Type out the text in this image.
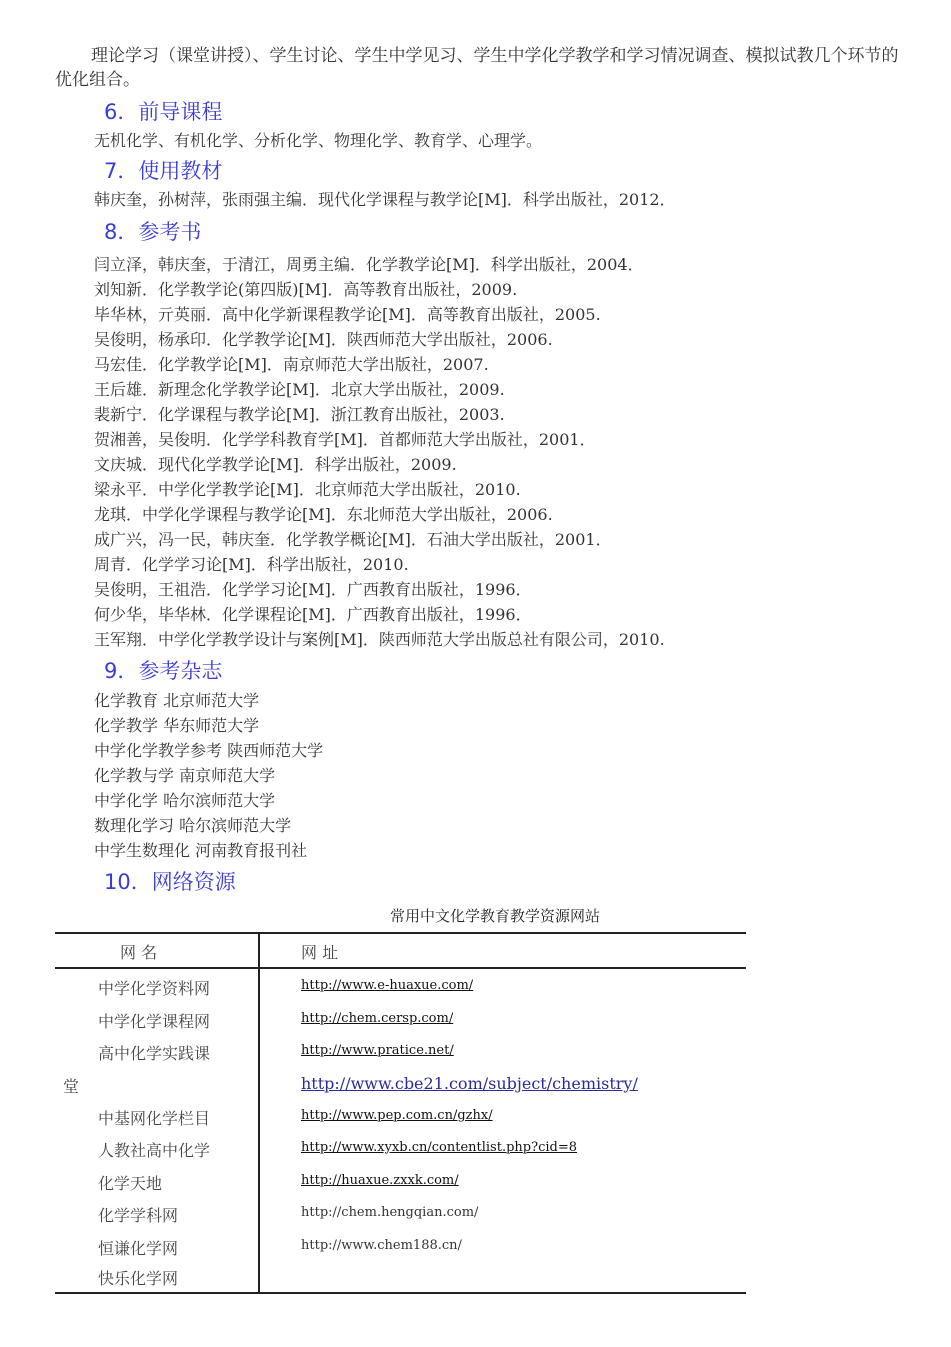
理论学习（课堂讲授）、学生讨论、学生中学见习、学生中学化学教学和学习情况调查、模拟试教几个环节的优化组合。
6．前导课程
无机化学、有机化学、分析化学、物理化学、教育学、心理学。
7．使用教材
韩庆奎，孙树萍，张雨强主编．现代化学课程与教学论[M]．科学出版社，2012．
8．参考书
闫立泽，韩庆奎，于清江，周勇主编．化学教学论[M]．科学出版社，2004．
刘知新．化学教学论(第四版)[M]．高等教育出版社，2009.
毕华林，亓英丽．高中化学新课程教学论[M]．高等教育出版社，2005.
吴俊明，杨承印．化学教学论[M]．陕西师范大学出版社，2006.
马宏佳．化学教学论[M]．南京师范大学出版社，2007.
王后雄．新理念化学教学论[M]．北京大学出版社，2009.
裴新宁．化学课程与教学论[M]．浙江教育出版社，2003.
贺湘善，吴俊明．化学学科教育学[M]．首都师范大学出版社，2001．
文庆城．现代化学教学论[M]．科学出版社，2009.
梁永平．中学化学教学论[M]．北京师范大学出版社，2010.
龙琪．中学化学课程与教学论[M]．东北师范大学出版社，2006.
成广兴，冯一民，韩庆奎．化学教学概论[M]．石油大学出版社，2001．
周青．化学学习论[M]．科学出版社，2010.
吴俊明，王祖浩．化学学习论[M]．广西教育出版社，1996．
何少华，毕华林．化学课程论[M]．广西教育出版社，1996．
王军翔．中学化学教学设计与案例[M]．陕西师范大学出版总社有限公司，2010.
9．参考杂志
化学教育 北京师范大学
化学教学 华东师范大学
中学化学教学参考 陕西师范大学
化学教与学 南京师范大学
中学化学 哈尔滨师范大学
数理化学习 哈尔滨师范大学
中学生数理化 河南教育报刊社
10．网络资源
常用中文化学教育教学资源网站
网 名	网 址
中学化学资料网	http://www.e-huaxue.com/
中学化学课程网	http://chem.cersp.com/
高中化学实践课	http://www.pratice.net/
堂	http://www.cbe21.com/subject/chemistry/
中基网化学栏目	http://www.pep.com.cn/gzhx/
人教社高中化学	http://www.xyxb.cn/contentlist.php?cid=8
化学天地	http://huaxue.zxxk.com/
化学学科网	http://chem.hengqian.com/
恒谦化学网	http://www.chem188.cn/
快乐化学网
